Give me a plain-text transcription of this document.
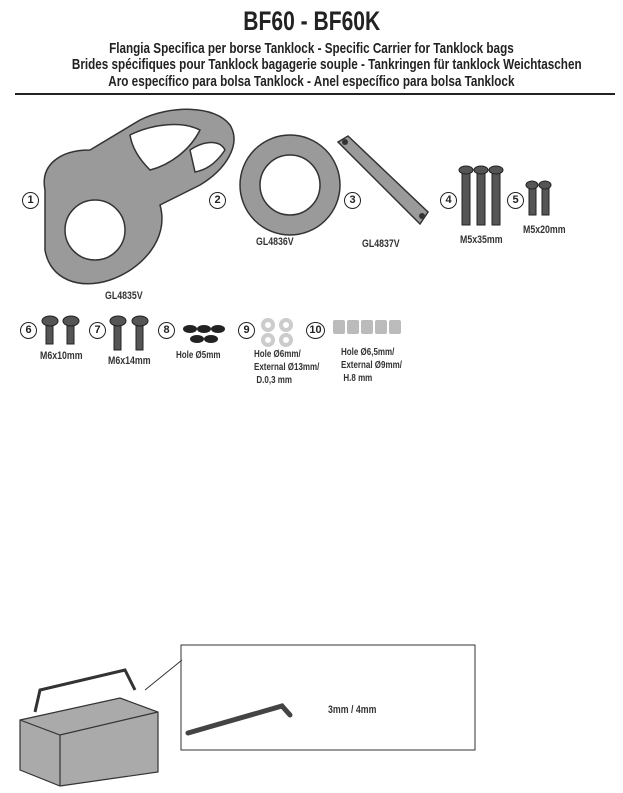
BF60 - BF60K
Flangia Specifica per borse Tanklock - Specific Carrier for Tanklock bags
Brides spécifiques pour Tanklock bagagerie souple - Tankringen für tanklock Weichtaschen
Aro específico para bolsa Tanklock - Anel específico para bolsa Tanklock
1
GL4835V
2
GL4836V
3
GL4837V
4
M5x35mm
5
M5x20mm
6
M6x10mm
7
M6x14mm
8
Hole Ø5mm
9
Hole Ø6mm/
External Ø13mm/
D.0,3 mm
10
Hole Ø6,5mm/
External Ø9mm/
H.8 mm
3mm / 4mm
